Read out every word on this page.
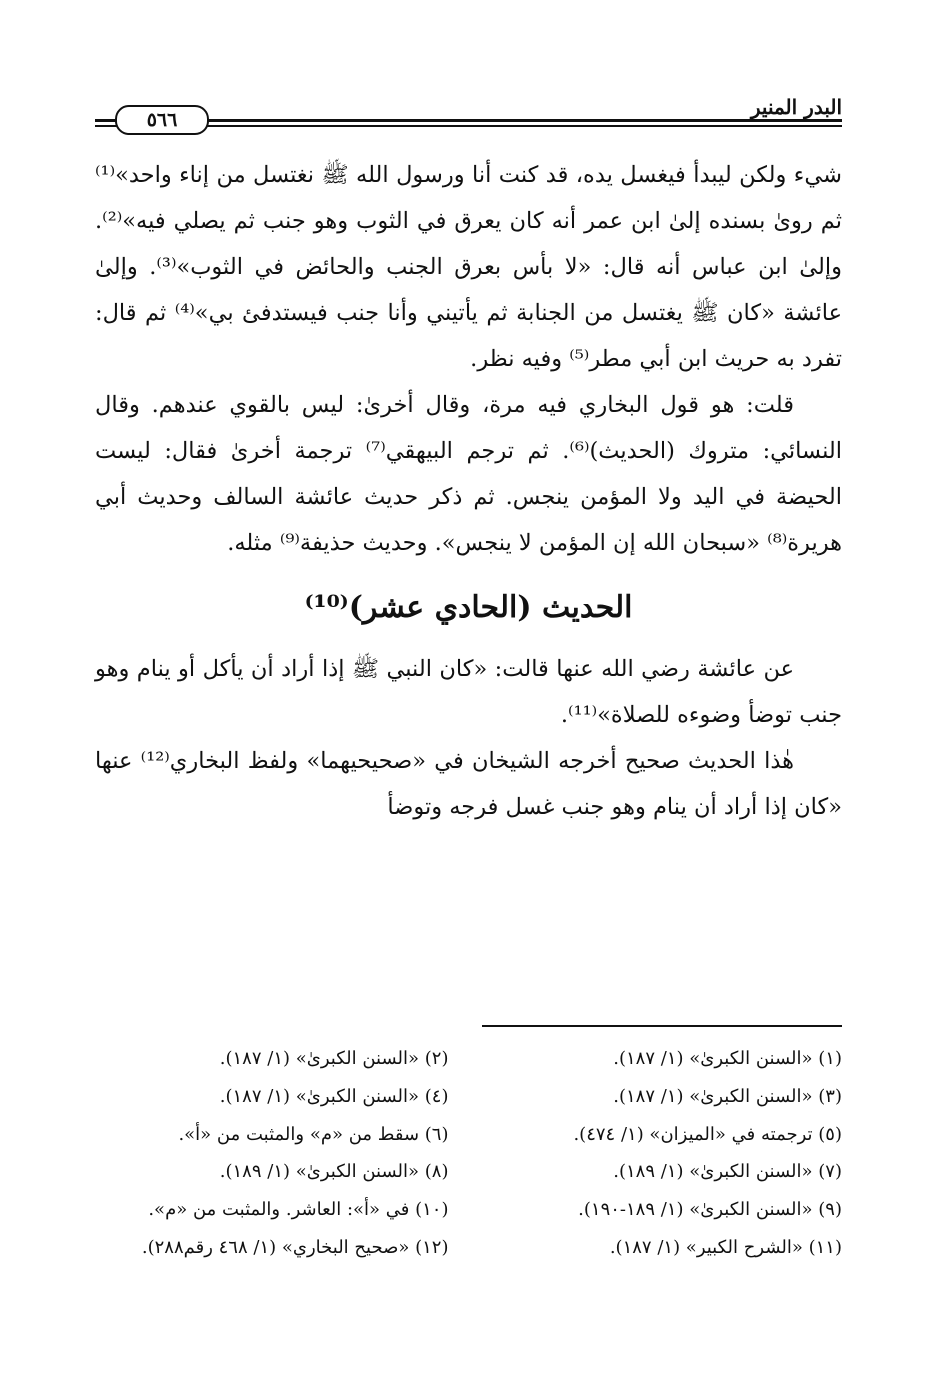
البدر المنير
٥٦٦

شيء ولكن ليبدأ فيغسل يده، قد كنت أنا ورسول الله ﷺ نغتسل من إناء واحد»⁽¹⁾ ثم روىٰ بسنده إلىٰ ابن عمر أنه كان يعرق في الثوب وهو جنب ثم يصلي فيه»⁽²⁾. وإلىٰ ابن عباس أنه قال: «لا بأس بعرق الجنب والحائض في الثوب»⁽³⁾. وإلىٰ عائشة «كان ﷺ يغتسل من الجنابة ثم يأتيني وأنا جنب فيستدفئ بي»⁽⁴⁾ ثم قال: تفرد به حريث ابن أبي مطر⁽⁵⁾ وفيه نظر.

قلت: هو قول البخاري فيه مرة، وقال أخرىٰ: ليس بالقوي عندهم. وقال النسائي: متروك (الحديث)⁽⁶⁾. ثم ترجم البيهقي⁽⁷⁾ ترجمة أخرىٰ فقال: ليست الحيضة في اليد ولا المؤمن ينجس. ثم ذكر حديث عائشة السالف وحديث أبي هريرة⁽⁸⁾ «سبحان الله إن المؤمن لا ينجس». وحديث حذيفة⁽⁹⁾ مثله.

الحديث (الحادي عشر)⁽¹⁰⁾

عن عائشة رضي الله عنها قالت: «كان النبي ﷺ إذا أراد أن يأكل أو ينام وهو جنب توضأ وضوءه للصلاة»⁽¹¹⁾.

هٰذا الحديث صحيح أخرجه الشيخان في «صحيحيهما» ولفظ البخاري⁽¹²⁾ عنها «كان إذا أراد أن ينام وهو جنب غسل فرجه وتوضأ

(١) «السنن الكبرىٰ» (١/ ١٨٧).
(٢) «السنن الكبرىٰ» (١/ ١٨٧).
(٣) «السنن الكبرىٰ» (١/ ١٨٧).
(٤) «السنن الكبرىٰ» (١/ ١٨٧).
(٥) ترجمته في «الميزان» (١/ ٤٧٤).
(٦) سقط من «م» والمثبت من «أ».
(٧) «السنن الكبرىٰ» (١/ ١٨٩).
(٨) «السنن الكبرىٰ» (١/ ١٨٩).
(٩) «السنن الكبرىٰ» (١/ ١٨٩-١٩٠).
(١٠) في «أ»: العاشر. والمثبت من «م».
(١١) «الشرح الكبير» (١/ ١٨٧).
(١٢) «صحيح البخاري» (١/ ٤٦٨ رقم٢٨٨).
